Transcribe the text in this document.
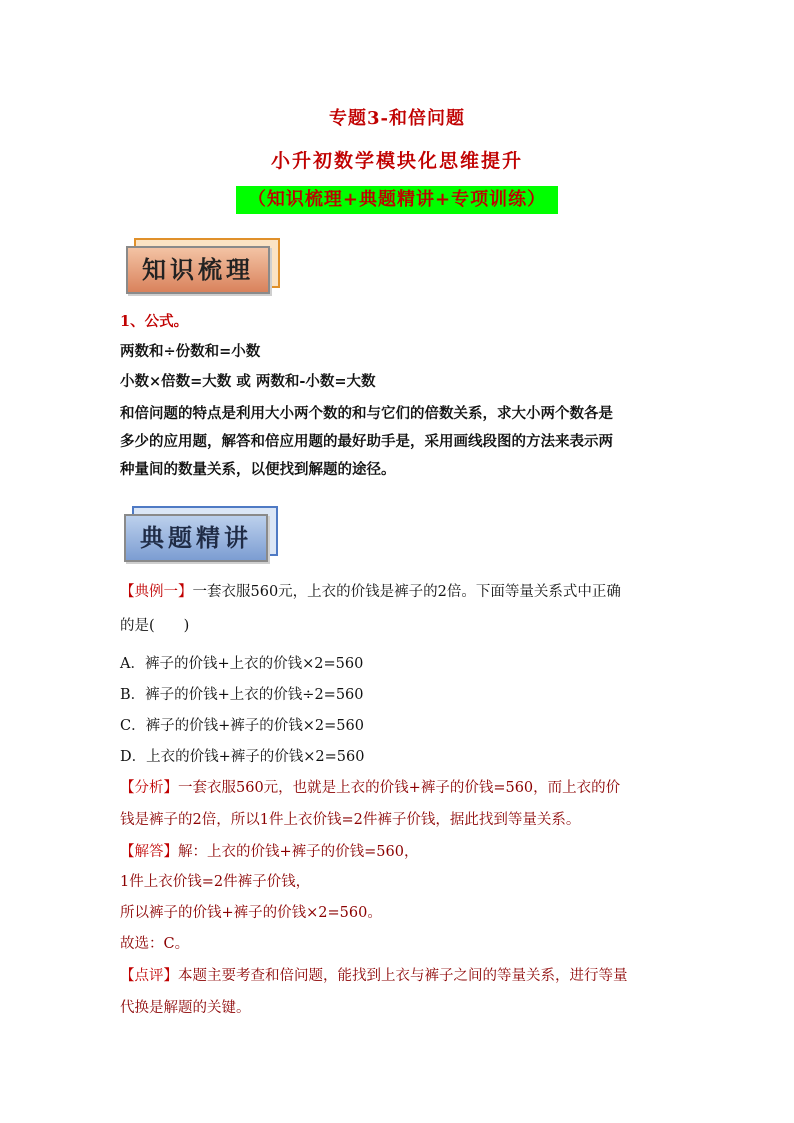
专题3-和倍问题
小升初数学模块化思维提升
（知识梳理+典题精讲+专项训练）
知识梳理
1、公式。
两数和÷份数和=小数
小数×倍数=大数 或 两数和-小数=大数
和倍问题的特点是利用大小两个数的和与它们的倍数关系，求大小两个数各是
多少的应用题，解答和倍应用题的最好助手是，采用画线段图的方法来表示两
种量间的数量关系，以便找到解题的途径。
典题精讲
【典例一】一套衣服560元，上衣的价钱是裤子的2倍。下面等量关系式中正确
的是(　　)
A．裤子的价钱+上衣的价钱×2=560
B．裤子的价钱+上衣的价钱÷2=560
C．裤子的价钱+裤子的价钱×2=560
D．上衣的价钱+裤子的价钱×2=560
【分析】一套衣服560元，也就是上衣的价钱+裤子的价钱=560，而上衣的价
钱是裤子的2倍，所以1件上衣价钱=2件裤子价钱，据此找到等量关系。
【解答】解：上衣的价钱+裤子的价钱=560，
1件上衣价钱=2件裤子价钱，
所以裤子的价钱+裤子的价钱×2=560。
故选：C。
【点评】本题主要考查和倍问题，能找到上衣与裤子之间的等量关系，进行等量
代换是解题的关键。
